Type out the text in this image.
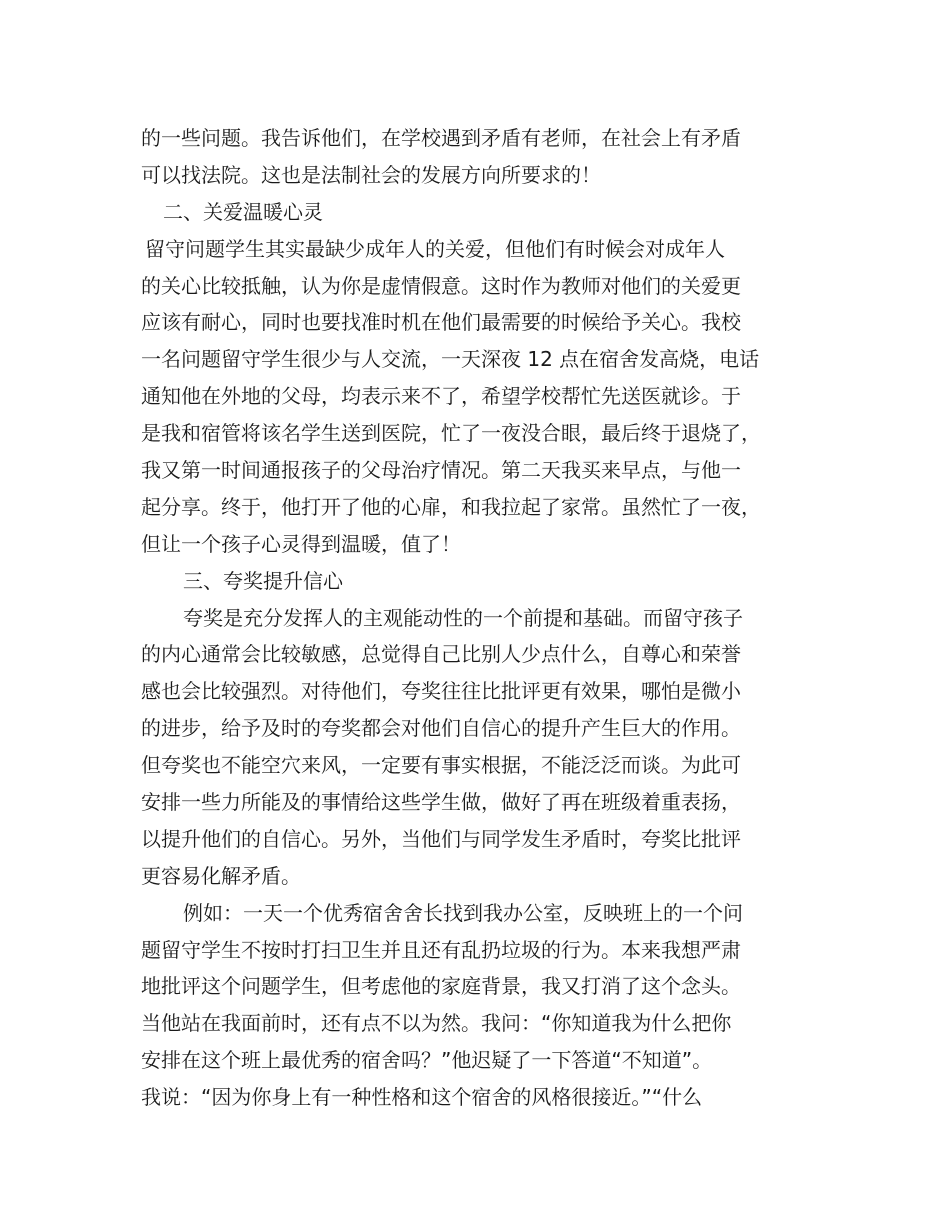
的一些问题。我告诉他们，在学校遇到矛盾有老师，在社会上有矛盾
可以找法院。这也是法制社会的发展方向所要求的！
二、关爱温暖心灵
留守问题学生其实最缺少成年人的关爱，但他们有时候会对成年人
的关心比较抵触，认为你是虚情假意。这时作为教师对他们的关爱更
应该有耐心，同时也要找准时机在他们最需要的时候给予关心。我校
一名问题留守学生很少与人交流，一天深夜 12 点在宿舍发高烧，电话
通知他在外地的父母，均表示来不了，希望学校帮忙先送医就诊。于
是我和宿管将该名学生送到医院，忙了一夜没合眼，最后终于退烧了，
我又第一时间通报孩子的父母治疗情况。第二天我买来早点，与他一
起分享。终于，他打开了他的心扉，和我拉起了家常。虽然忙了一夜，
但让一个孩子心灵得到温暖，值了！
三、夸奖提升信心
夸奖是充分发挥人的主观能动性的一个前提和基础。而留守孩子
的内心通常会比较敏感，总觉得自己比别人少点什么，自尊心和荣誉
感也会比较强烈。对待他们，夸奖往往比批评更有效果，哪怕是微小
的进步，给予及时的夸奖都会对他们自信心的提升产生巨大的作用。
但夸奖也不能空穴来风，一定要有事实根据，不能泛泛而谈。为此可
安排一些力所能及的事情给这些学生做，做好了再在班级着重表扬，
以提升他们的自信心。另外，当他们与同学发生矛盾时，夸奖比批评
更容易化解矛盾。
例如：一天一个优秀宿舍舍长找到我办公室，反映班上的一个问
题留守学生不按时打扫卫生并且还有乱扔垃圾的行为。本来我想严肃
地批评这个问题学生，但考虑他的家庭背景，我又打消了这个念头。
当他站在我面前时，还有点不以为然。我问：“你知道我为什么把你
安排在这个班上最优秀的宿舍吗？”他迟疑了一下答道“不知道”。
我说：“因为你身上有一种性格和这个宿舍的风格很接近。”“什么
